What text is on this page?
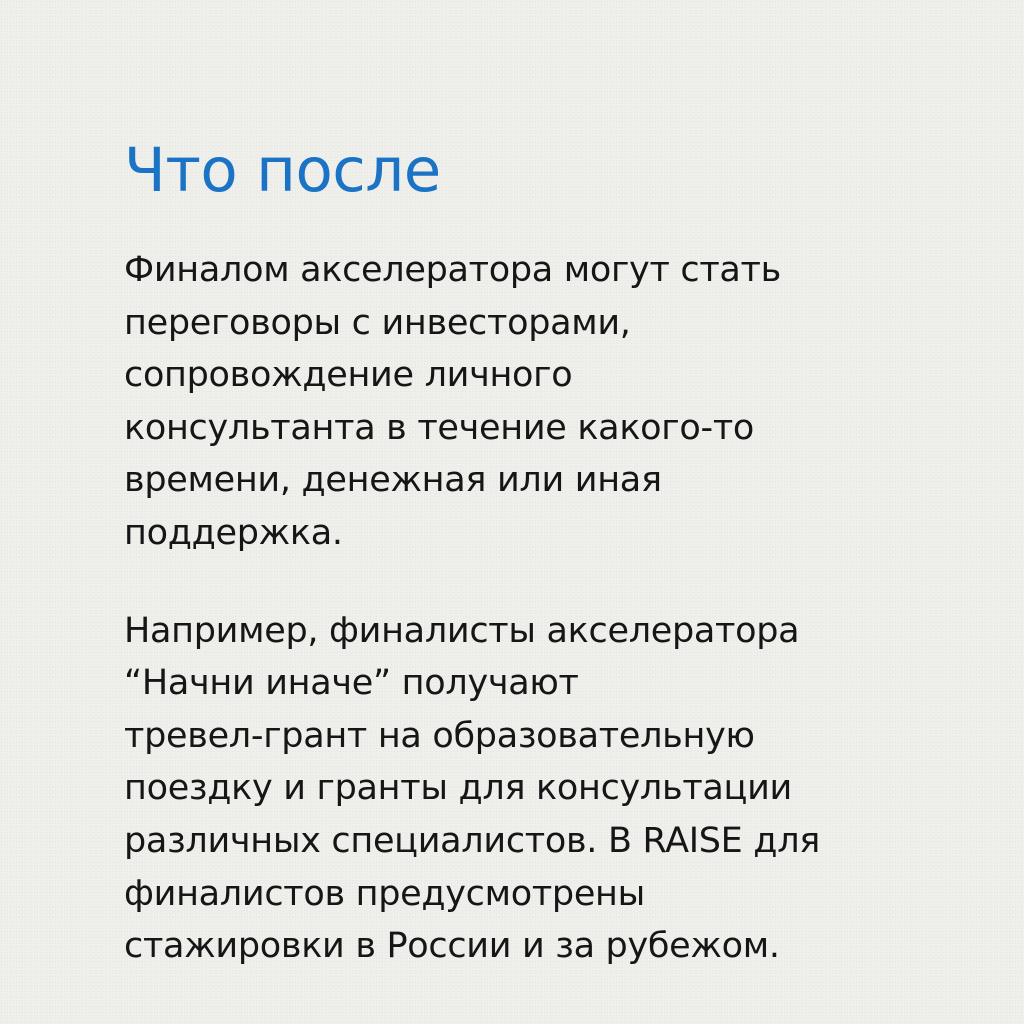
Что после

Финалом акселератора могут стать
переговоры с инвесторами,
сопровождение личного
консультанта в течение какого-то
времени, денежная или иная
поддержка.

Например, финалисты акселератора
“Начни иначе” получают
тревел-грант на образовательную
поездку и гранты для консультации
различных специалистов. В RAISE для
финалистов предусмотрены
стажировки в России и за рубежом.
